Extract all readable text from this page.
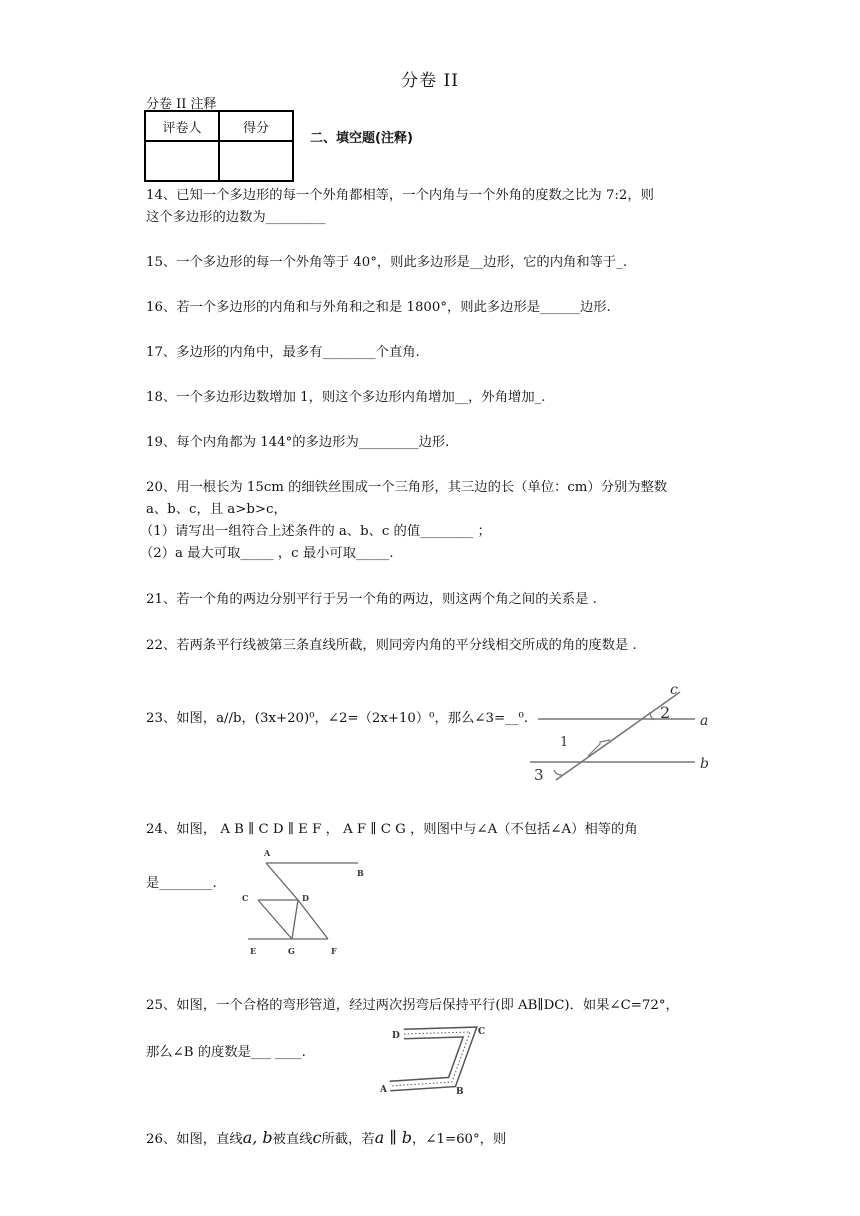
分卷 II
分卷 II 注释
评卷人	得分

二、填空题(注释)
14、已知一个多边形的每一个外角都相等，一个内角与一个外角的度数之比为 7:2，则
这个多边形的边数为_________
15、一个多边形的每一个外角等于 40°，则此多边形是__边形，它的内角和等于_.
16、若一个多边形的内角和与外角和之和是 1800°，则此多边形是______边形.
17、多边形的内角中，最多有________个直角.
18、一个多边形边数增加 1，则这个多边形内角增加__，外角增加_.
19、每个内角都为 144°的多边形为_________边形.
20、用一根长为 15cm 的细铁丝围成一个三角形，其三边的长（单位：cm）分别为整数
a、b、c，且 a>b>c，
（1）请写出一组符合上述条件的 a、b、c 的值________ ；
（2）a 最大可取_____ ，c 最小可取_____.
21、若一个角的两边分别平行于另一个角的两边，则这两个角之间的关系是 .
22、若两条平行线被第三条直线所截，则同旁内角的平分线相交所成的角的度数是 .
23、如图，a//b，(3x+20)⁰，∠2=（2x+10）⁰，那么∠3=__⁰.
c
2 a
1
b
3
24、如图， A B ∥ C D ∥ E F ， A F ∥ C G ，则图中与∠A（不包括∠A）相等的角
是________.
A
B
C	D
E	G	F
25、如图，一个合格的弯形管道，经过两次拐弯后保持平行(即 AB∥DC)．如果∠C=72°，
那么∠B 的度数是___ ____.
D	C
A	B
26、如图，直线a, b被直线c所截，若a ∥ b，∠1=60°，则
